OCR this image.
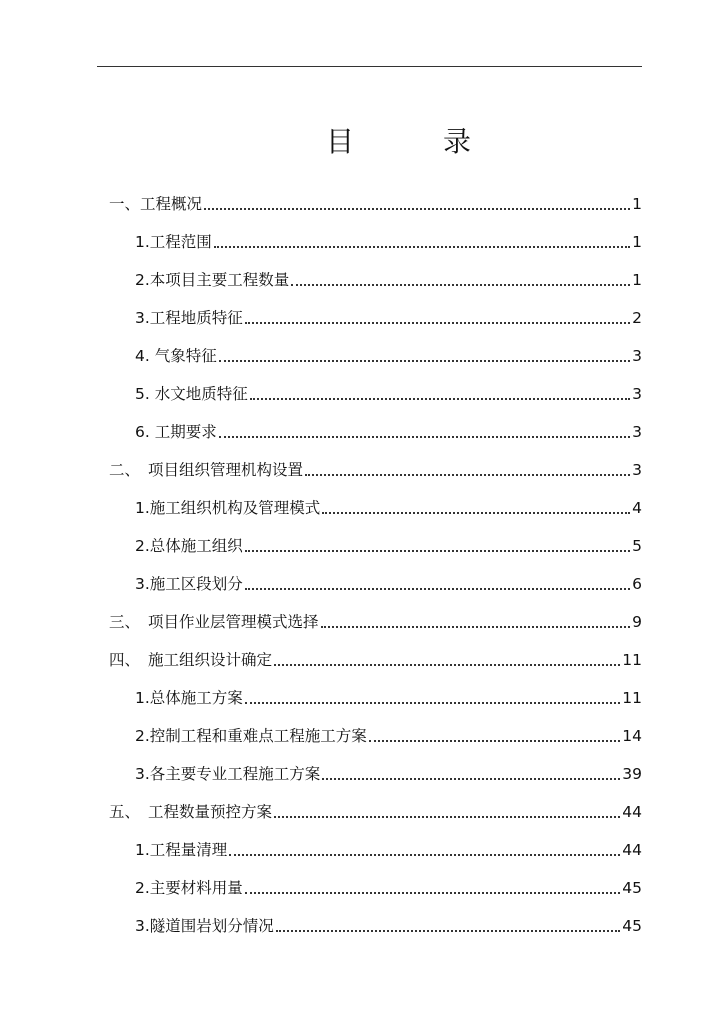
目	录
一、工程概况	1
1.工程范围	1
2.本项目主要工程数量	1
3.工程地质特征	2
4. 气象特征	3
5. 水文地质特征	3
6. 工期要求	3
二、 项目组织管理机构设置	3
1.施工组织机构及管理模式	4
2.总体施工组织	5
3.施工区段划分	6
三、 项目作业层管理模式选择	9
四、 施工组织设计确定	11
1.总体施工方案	11
2.控制工程和重难点工程施工方案	14
3.各主要专业工程施工方案	39
五、 工程数量预控方案	44
1.工程量清理	44
2.主要材料用量	45
3.隧道围岩划分情况	45
